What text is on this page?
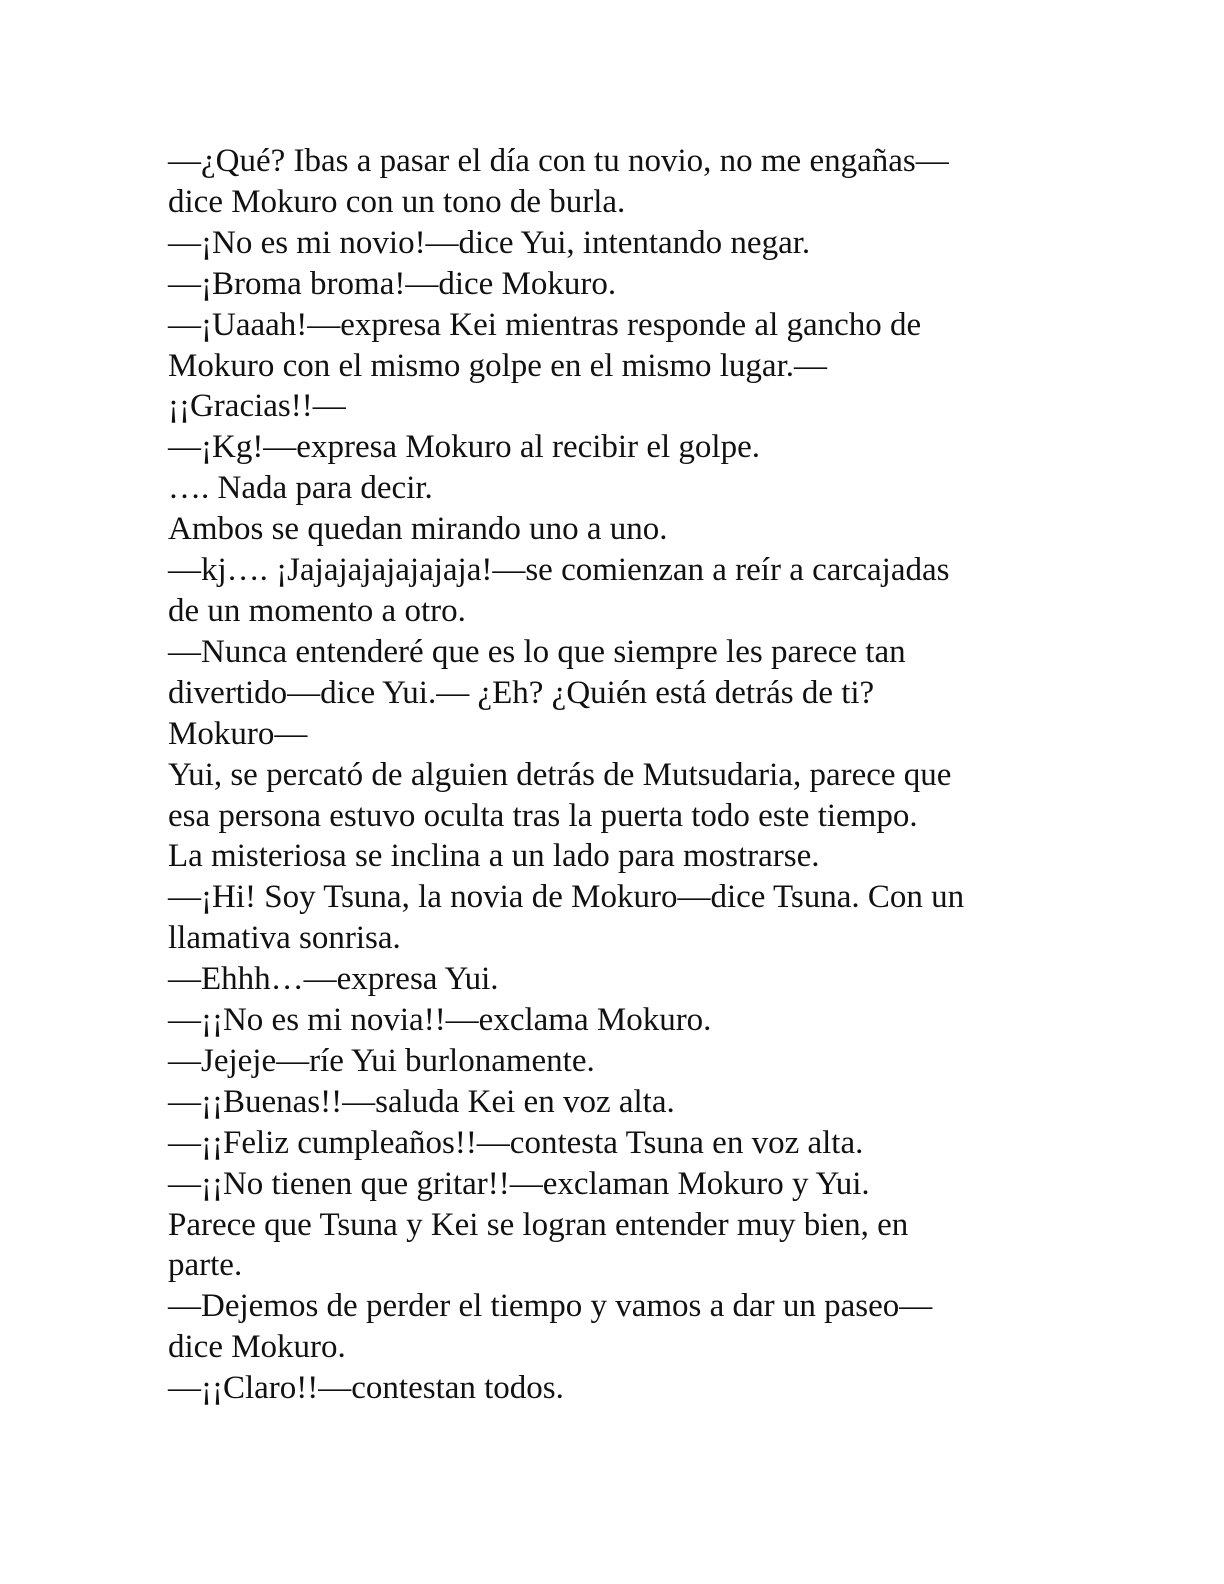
—¿Qué? Ibas a pasar el día con tu novio, no me engañas—
dice Mokuro con un tono de burla.
—¡No es mi novio!—dice Yui, intentando negar.
—¡Broma broma!—dice Mokuro.
—¡Uaaah!—expresa Kei mientras responde al gancho de
Mokuro con el mismo golpe en el mismo lugar.—
¡¡Gracias!!—
—¡Kg!—expresa Mokuro al recibir el golpe.
…. Nada para decir.
Ambos se quedan mirando uno a uno.
—kj…. ¡Jajajajajajajaja!—se comienzan a reír a carcajadas
de un momento a otro.
—Nunca entenderé que es lo que siempre les parece tan
divertido—dice Yui.— ¿Eh? ¿Quién está detrás de ti?
Mokuro—
Yui, se percató de alguien detrás de Mutsudaria, parece que
esa persona estuvo oculta tras la puerta todo este tiempo.
La misteriosa se inclina a un lado para mostrarse.
—¡Hi! Soy Tsuna, la novia de Mokuro—dice Tsuna. Con un
llamativa sonrisa.
—Ehhh…—expresa Yui.
—¡¡No es mi novia!!—exclama Mokuro.
—Jejeje—ríe Yui burlonamente.
—¡¡Buenas!!—saluda Kei en voz alta.
—¡¡Feliz cumpleaños!!—contesta Tsuna en voz alta.
—¡¡No tienen que gritar!!—exclaman Mokuro y Yui.
Parece que Tsuna y Kei se logran entender muy bien, en
parte.
—Dejemos de perder el tiempo y vamos a dar un paseo—
dice Mokuro.
—¡¡Claro!!—contestan todos.
